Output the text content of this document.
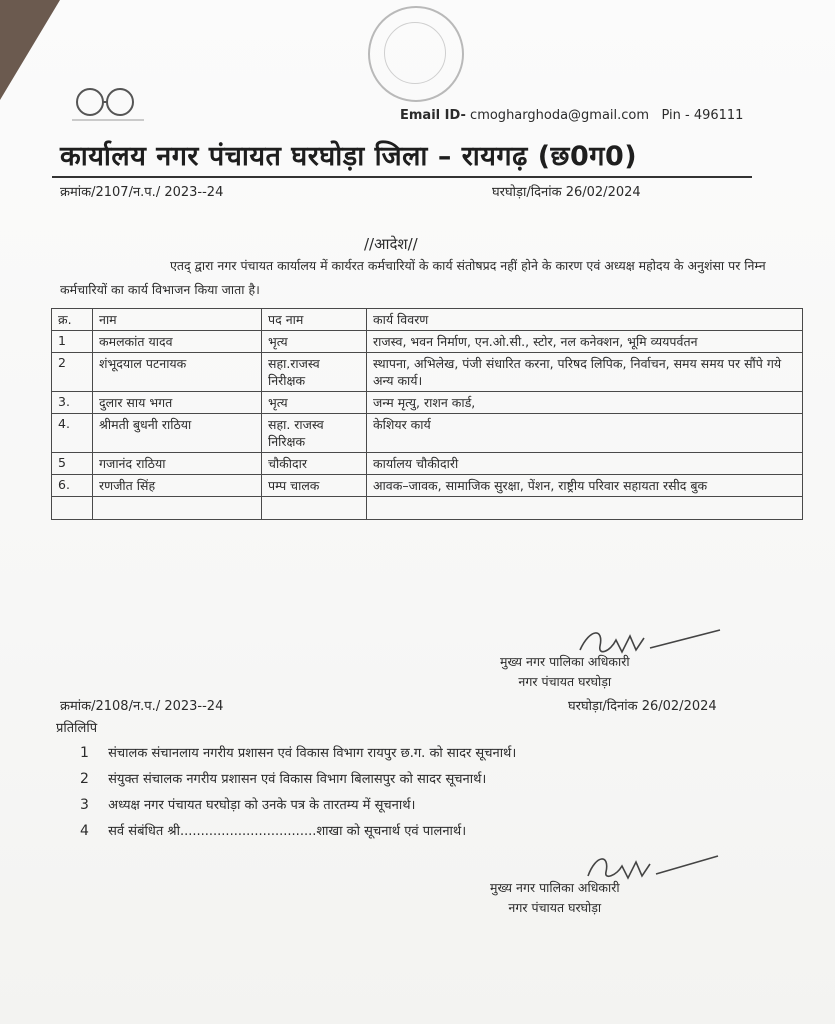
Email ID- cmogharghoda@gmail.com Pin - 496111
कार्यालय नगर पंचायत घरघोड़ा जिला – रायगढ़ (छ0ग0)
क्रमांक/2107/न.प./ 2023--24	घरघोड़ा/दिनांक 26/02/2024
//आदेश//
एतद् द्वारा नगर पंचायत कार्यालय में कार्यरत कर्मचारियों के कार्य संतोषप्रद नहीं होने के कारण एवं अध्यक्ष महोदय के अनुशंसा पर निम्न कर्मचारियों का कार्य विभाजन किया जाता है।
क्र.	नाम	पद नाम	कार्य विवरण
1	कमलकांत यादव	भृत्य	राजस्व, भवन निर्माण, एन.ओ.सी., स्टोर, नल कनेक्शन, भूमि व्ययपर्वतन
2	शंभूदयाल पटनायक	सहा.राजस्व निरीक्षक	स्थापना, अभिलेख, पंजी संधारित करना, परिषद लिपिक, निर्वाचन, समय समय पर सौंपे गये अन्य कार्य।
3.	दुलार साय भगत	भृत्य	जन्म मृत्यु, राशन कार्ड,
4.	श्रीमती बुधनी राठिया	सहा. राजस्व निरिक्षक	केशियर कार्य
5	गजानंद राठिया	चौकीदार	कार्यालय चौकीदारी
6.	रणजीत सिंह	पम्प चालक	आवक–जावक, सामाजिक सुरक्षा, पेंशन, राष्ट्रीय परिवार सहायता रसीद बुक

मुख्य नगर पालिका अधिकारी
नगर पंचायत घरघोड़ा
क्रमांक/2108/न.प./ 2023--24	घरघोड़ा/दिनांक 26/02/2024
प्रतिलिपि
1 संचालक संचानलाय नगरीय प्रशासन एवं विकास विभाग रायपुर छ.ग. को सादर सूचनार्थ।
2 संयुक्त संचालक नगरीय प्रशासन एवं विकास विभाग बिलासपुर को सादर सूचनार्थ।
3 अध्यक्ष नगर पंचायत घरघोड़ा को उनके पत्र के तारतम्य में सूचनार्थ।
4 सर्व संबंधित श्री.................................शाखा को सूचनार्थ एवं पालनार्थ।
मुख्य नगर पालिका अधिकारी
नगर पंचायत घरघोड़ा
